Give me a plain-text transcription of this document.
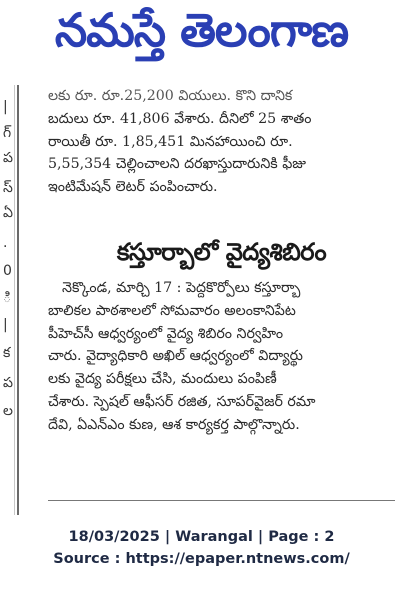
నమస్తే తెలంగాణ
|
గ్
ప
స్
ఏ
.
0
ి
|
క
ప
ల

లకు రూ. రూ.25,200 వియులు. కొని దానిక
బదులు రూ. 41,806 వేశారు. దీనిలో 25 శాతం
రాయితీ రూ. 1,85,451 మినహాయించి రూ.
5,55,354 చెల్లించాలని దరఖాస్తుదారునికి ఫీజు
ఇంటిమేషన్ లెటర్ పంపించారు.

కస్తూర్బాలో వైద్యశిబిరం

నెక్కొండ, మార్చి 17 : పెద్దకొర్పోలు కస్తూర్బా
బాలికల పాఠశాలలో సోమవారం అలంకానిపేట
పీహెచ్‌సీ ఆధ్వర్యంలో వైద్య శిబిరం నిర్వహిం
చారు. వైద్యాధికారి అఖిల్ ఆధ్వర్యంలో విద్యార్థు
లకు వైద్య పరీక్షలు చేసి, మందులు పంపిణీ
చేశారు. స్పెషల్ ఆఫీసర్ రజిత, సూపర్‌వైజర్ రమా
దేవి, ఏఎన్‌ఎం కుణ, ఆశ కార్యకర్త పాల్గొన్నారు.

18/03/2025 | Warangal | Page : 2
Source : https://epaper.ntnews.com/
